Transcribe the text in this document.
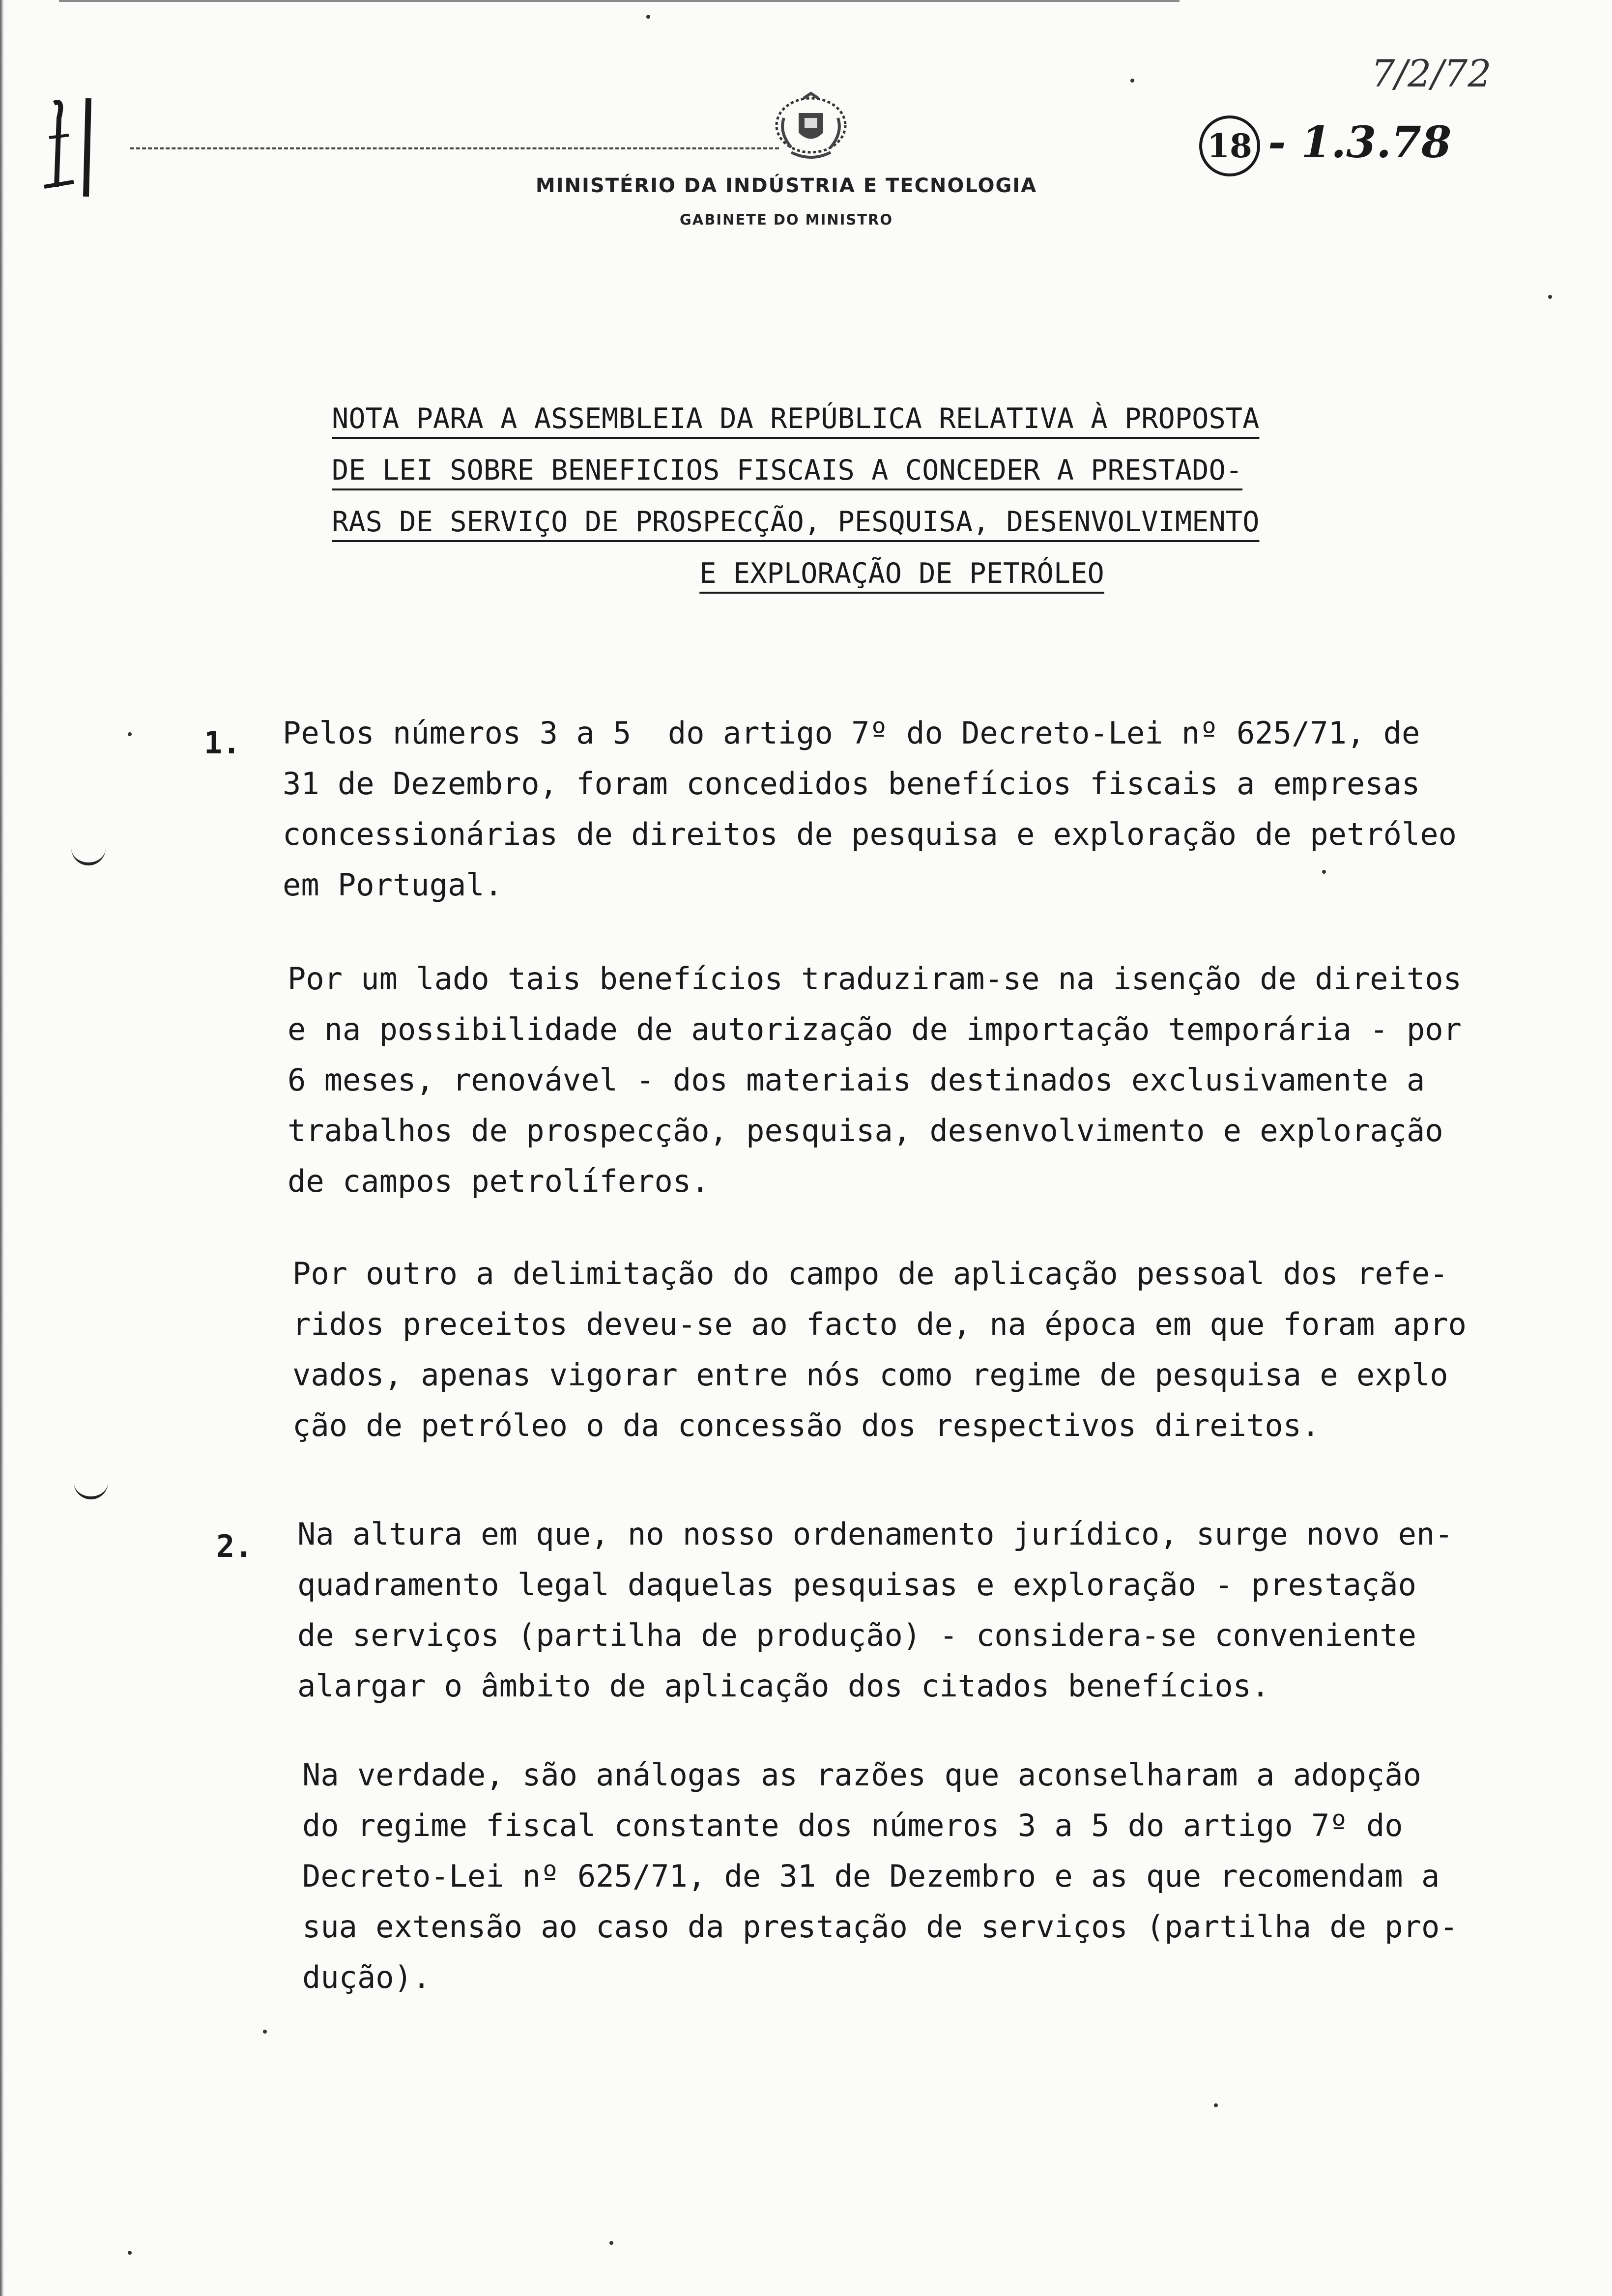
MINISTÉRIO DA INDÚSTRIA E TECNOLOGIA
GABINETE DO MINISTRO
7/2/72
18 - 1.3.78
NOTA PARA A ASSEMBLEIA DA REPÚBLICA RELATIVA À PROPOSTA
DE LEI SOBRE BENEFICIOS FISCAIS A CONCEDER A PRESTADO-
RAS DE SERVIÇO DE PROSPECÇÃO, PESQUISA, DESENVOLVIMENTO
E EXPLORAÇÃO DE PETRÓLEO
1. Pelos números 3 a 5  do artigo 7º do Decreto-Lei nº 625/71, de
31 de Dezembro, foram concedidos benefícios fiscais a empresas
concessionárias de direitos de pesquisa e exploração de petróleo
em Portugal.
Por um lado tais benefícios traduziram-se na isenção de direitos
e na possibilidade de autorização de importação temporária - por
6 meses, renovável - dos materiais destinados exclusivamente a
trabalhos de prospecção, pesquisa, desenvolvimento e exploração
de campos petrolíferos.
Por outro a delimitação do campo de aplicação pessoal dos refe-
ridos preceitos deveu-se ao facto de, na época em que foram apro
vados, apenas vigorar entre nós como regime de pesquisa e explo
ção de petróleo o da concessão dos respectivos direitos.
2. Na altura em que, no nosso ordenamento jurídico, surge novo en-
quadramento legal daquelas pesquisas e exploração - prestação
de serviços (partilha de produção) - considera-se conveniente
alargar o âmbito de aplicação dos citados benefícios.
Na verdade, são análogas as razões que aconselharam a adopção
do regime fiscal constante dos números 3 a 5 do artigo 7º do
Decreto-Lei nº 625/71, de 31 de Dezembro e as que recomendam a
sua extensão ao caso da prestação de serviços (partilha de pro-
dução).
